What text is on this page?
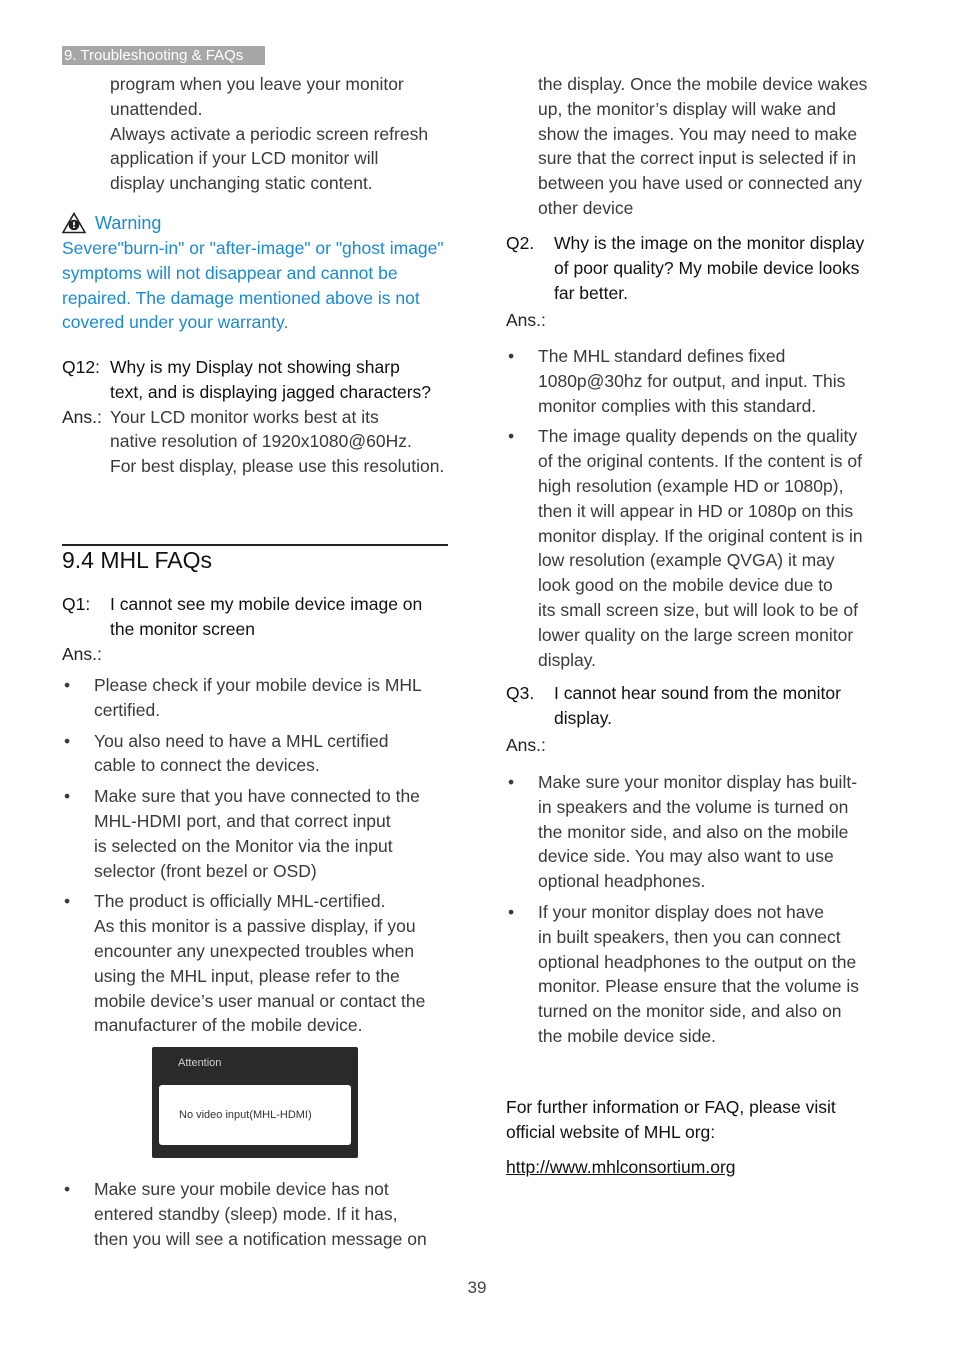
9. Troubleshooting & FAQs
program when you leave your monitor
unattended.
Always activate a periodic screen refresh
application if your LCD monitor will
display unchanging static content.
Warning
Severe"burn-in" or "after-image" or "ghost image"
symptoms will not disappear and cannot be
repaired. The damage mentioned above is not
covered under your warranty.
Q12: Why is my Display not showing sharp
text, and is displaying jagged characters?
Ans.: Your LCD monitor works best at its
native resolution of 1920x1080@60Hz.
For best display, please use this resolution.
9.4 MHL FAQs
Q1:	I cannot see my mobile device image on
the monitor screen
Ans.:
• Please check if your mobile device is MHL
certified.
• You also need to have a MHL certified
cable to connect the devices.
• Make sure that you have connected to the
MHL-HDMI port, and that correct input
is selected on the Monitor via the input
selector (front bezel or OSD)
• The product is officially MHL-certified.
As this monitor is a passive display, if you
encounter any unexpected troubles when
using the MHL input, please refer to the
mobile device’s user manual or contact the
manufacturer of the mobile device.
Attention
No video input(MHL-HDMI)
• Make sure your mobile device has not
entered standby (sleep) mode. If it has,
then you will see a notification message on
the display. Once the mobile device wakes
up, the monitor’s display will wake and
show the images. You may need to make
sure that the correct input is selected if in
between you have used or connected any
other device
Q2.	Why is the image on the monitor display
of poor quality? My mobile device looks
far better.
Ans.:
• The MHL standard defines fixed
1080p@30hz for output, and input. This
monitor complies with this standard.
• The image quality depends on the quality
of the original contents. If the content is of
high resolution (example HD or 1080p),
then it will appear in HD or 1080p on this
monitor display. If the original content is in
low resolution (example QVGA) it may
look good on the mobile device due to
its small screen size, but will look to be of
lower quality on the large screen monitor
display.
Q3.	I cannot hear sound from the monitor
display.
Ans.:
• Make sure your monitor display has built-
in speakers and the volume is turned on
the monitor side, and also on the mobile
device side. You may also want to use
optional headphones.
• If your monitor display does not have
in built speakers, then you can connect
optional headphones to the output on the
monitor. Please ensure that the volume is
turned on the monitor side, and also on
the mobile device side.
For further information or FAQ, please visit
official website of MHL org:
http://www.mhlconsortium.org
39
